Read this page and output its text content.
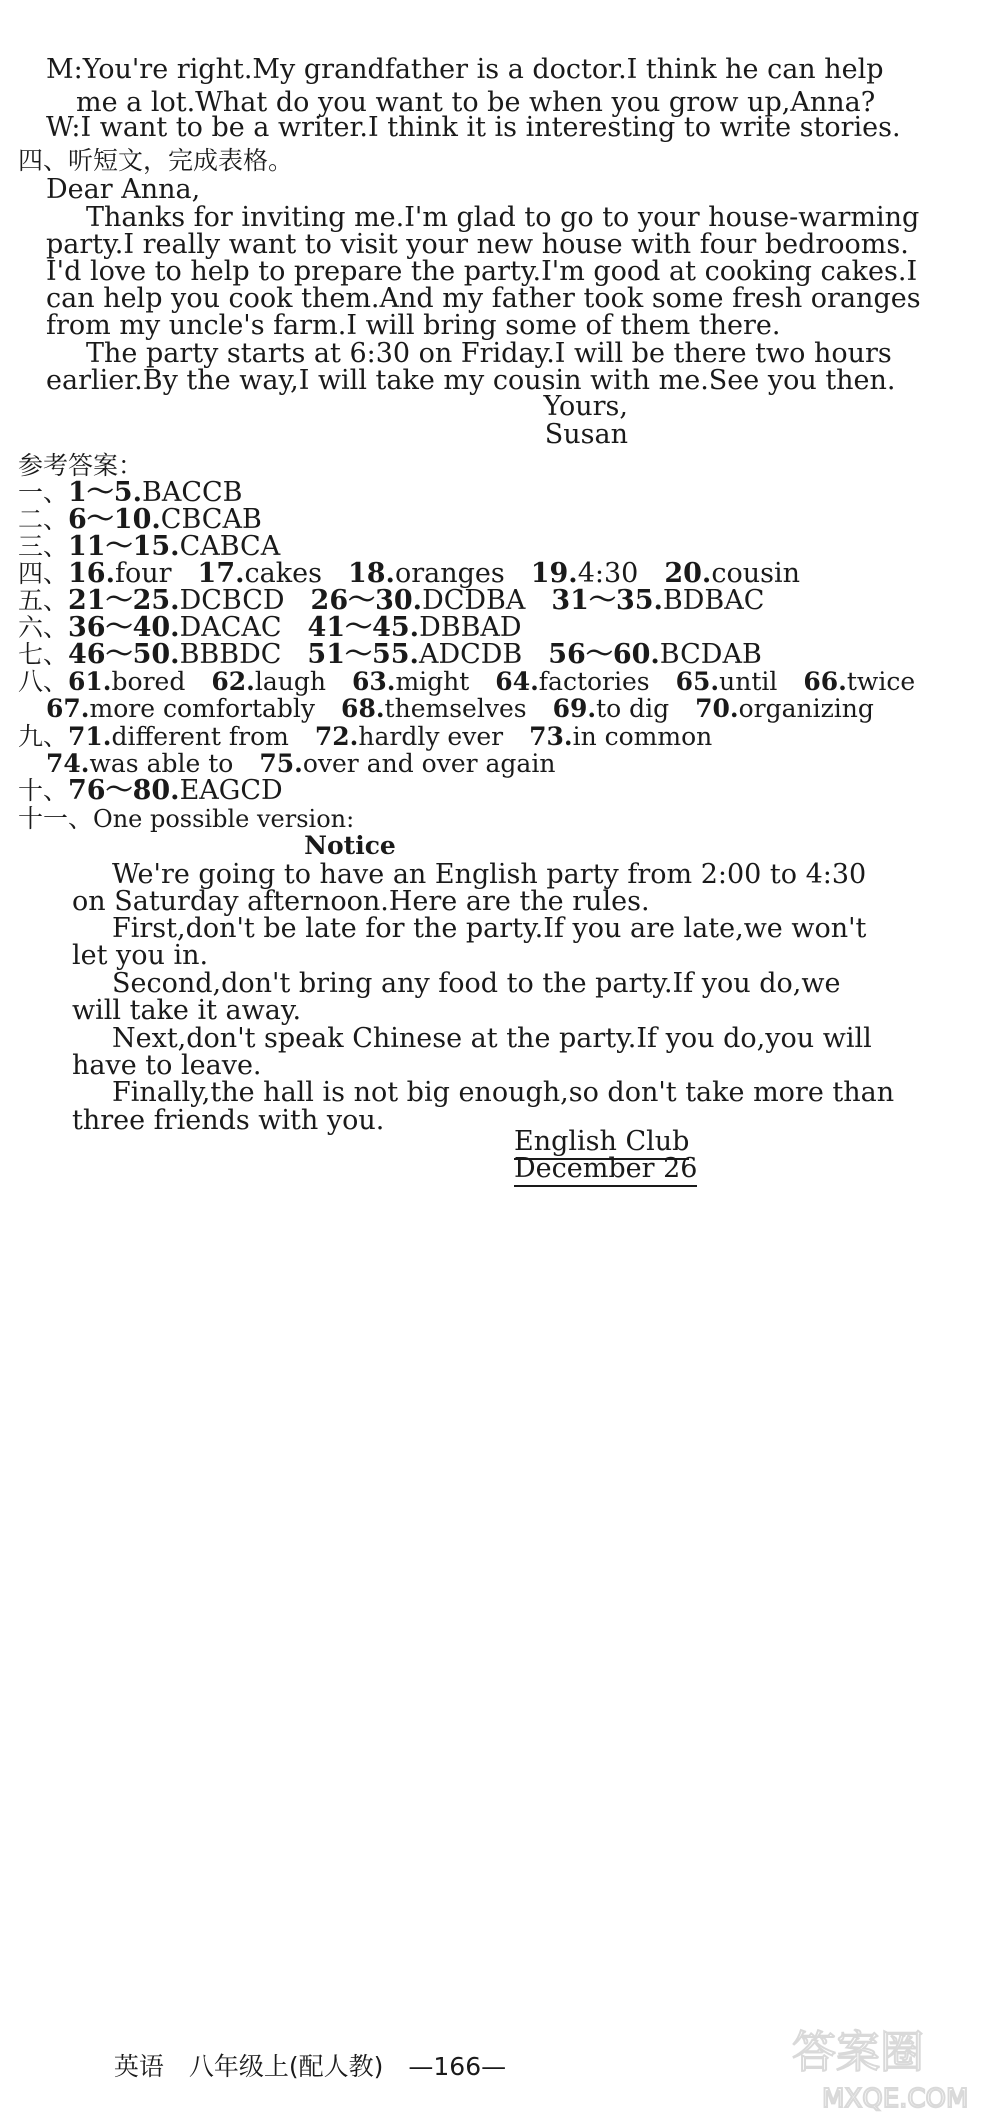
M:You're right.My grandfather is a doctor.I think he can help
me a lot.What do you want to be when you grow up,Anna?
W:I want to be a writer.I think it is interesting to write stories.
四、听短文，完成表格。
Dear Anna,
Thanks for inviting me.I'm glad to go to your house-warming
party.I really want to visit your new house with four bedrooms.
I'd love to help to prepare the party.I'm good at cooking cakes.I
can help you cook them.And my father took some fresh oranges
from my uncle's farm.I will bring some of them there.
The party starts at 6:30 on Friday.I will be there two hours
earlier.By the way,I will take my cousin with me.See you then.
Yours,
Susan
参考答案：
一、1～5.BACCB
二、6～10.CBCAB
三、11～15.CABCA
四、16.four 17.cakes 18.oranges 19.4:30 20.cousin
五、21～25.DCBCD 26～30.DCDBA 31～35.BDBAC
六、36～40.DACAC 41～45.DBBAD
七、46～50.BBBDC 51～55.ADCDB 56～60.BCDAB
八、61.bored 62.laugh 63.might 64.factories 65.until 66.twice
67.more comfortably 68.themselves 69.to dig 70.organizing
九、71.different from 72.hardly ever 73.in common
74.was able to 75.over and over again
十、76～80.EAGCD
十一、One possible version:
Notice
We're going to have an English party from 2:00 to 4:30
on Saturday afternoon.Here are the rules.
First,don't be late for the party.If you are late,we won't
let you in.
Second,don't bring any food to the party.If you do,we
will take it away.
Next,don't speak Chinese at the party.If you do,you will
have to leave.
Finally,the hall is not big enough,so don't take more than
three friends with you.
English Club
December 26
英语　八年级上(配人教)　—166—	答案圈
MXQE.COM
